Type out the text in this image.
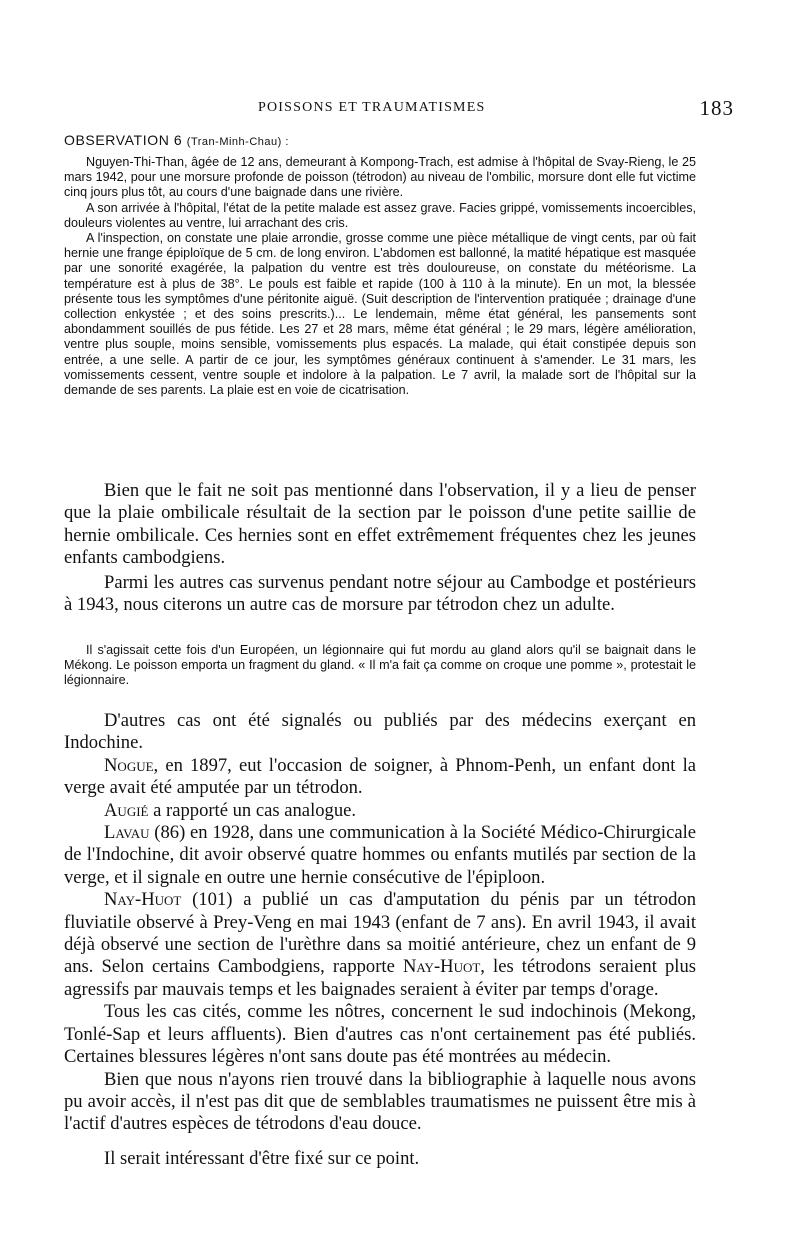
POISSONS ET TRAUMATISMES	183
OBSERVATION 6 (Tran-Minh-Chau) :

Nguyen-Thi-Than, âgée de 12 ans, demeurant à Kompong-Trach, est admise à l'hôpital de Svay-Rieng, le 25 mars 1942, pour une morsure profonde de poisson (tétrodon) au niveau de l'ombilic, morsure dont elle fut victime cinq jours plus tôt, au cours d'une baignade dans une rivière.

A son arrivée à l'hôpital, l'état de la petite malade est assez grave. Facies grippé, vomissements incoercibles, douleurs violentes au ventre, lui arrachant des cris.

A l'inspection, on constate une plaie arrondie, grosse comme une pièce métallique de vingt cents, par où fait hernie une frange épiploïque de 5 cm. de long environ. L'abdomen est ballonné, la matité hépatique est masquée par une sonorité exagérée, la palpation du ventre est très douloureuse, on constate du météorisme. La température est à plus de 38°. Le pouls est faible et rapide (100 à 110 à la minute). En un mot, la blessée présente tous les symptômes d'une péritonite aiguë. (Suit description de l'intervention pratiquée ; drainage d'une collection enkystée ; et des soins prescrits.)... Le lendemain, même état général, les pansements sont abondamment souillés de pus fétide. Les 27 et 28 mars, même état général ; le 29 mars, légère amélioration, ventre plus souple, moins sensible, vomissements plus espacés. La malade, qui était constipée depuis son entrée, a une selle. A partir de ce jour, les symptômes généraux continuent à s'amender. Le 31 mars, les vomissements cessent, ventre souple et indolore à la palpation. Le 7 avril, la malade sort de l'hôpital sur la demande de ses parents. La plaie est en voie de cicatrisation.

Bien que le fait ne soit pas mentionné dans l'observation, il y a lieu de penser que la plaie ombilicale résultait de la section par le poisson d'une petite saillie de hernie ombilicale. Ces hernies sont en effet extrêmement fréquentes chez les jeunes enfants cambodgiens.

Parmi les autres cas survenus pendant notre séjour au Cambodge et postérieurs à 1943, nous citerons un autre cas de morsure par tétrodon chez un adulte.

Il s'agissait cette fois d'un Européen, un légionnaire qui fut mordu au gland alors qu'il se baignait dans le Mékong. Le poisson emporta un fragment du gland. « Il m'a fait ça comme on croque une pomme », protestait le légionnaire.

D'autres cas ont été signalés ou publiés par des médecins exerçant en Indochine.

Nogue, en 1897, eut l'occasion de soigner, à Phnom-Penh, un enfant dont la verge avait été amputée par un tétrodon.

Augié a rapporté un cas analogue.

Lavau (86) en 1928, dans une communication à la Société Médico-Chirurgicale de l'Indochine, dit avoir observé quatre hommes ou enfants mutilés par section de la verge, et il signale en outre une hernie consécutive de l'épiploon.

Nay-Huot (101) a publié un cas d'amputation du pénis par un tétrodon fluviatile observé à Prey-Veng en mai 1943 (enfant de 7 ans). En avril 1943, il avait déjà observé une section de l'urèthre dans sa moitié antérieure, chez un enfant de 9 ans. Selon certains Cambodgiens, rapporte Nay-Huot, les tétrodons seraient plus agressifs par mauvais temps et les baignades seraient à éviter par temps d'orage.

Tous les cas cités, comme les nôtres, concernent le sud indochinois (Mekong, Tonlé-Sap et leurs affluents). Bien d'autres cas n'ont certainement pas été publiés. Certaines blessures légères n'ont sans doute pas été montrées au médecin.

Bien que nous n'ayons rien trouvé dans la bibliographie à laquelle nous avons pu avoir accès, il n'est pas dit que de semblables traumatismes ne puissent être mis à l'actif d'autres espèces de tétrodons d'eau douce.

Il serait intéressant d'être fixé sur ce point.
